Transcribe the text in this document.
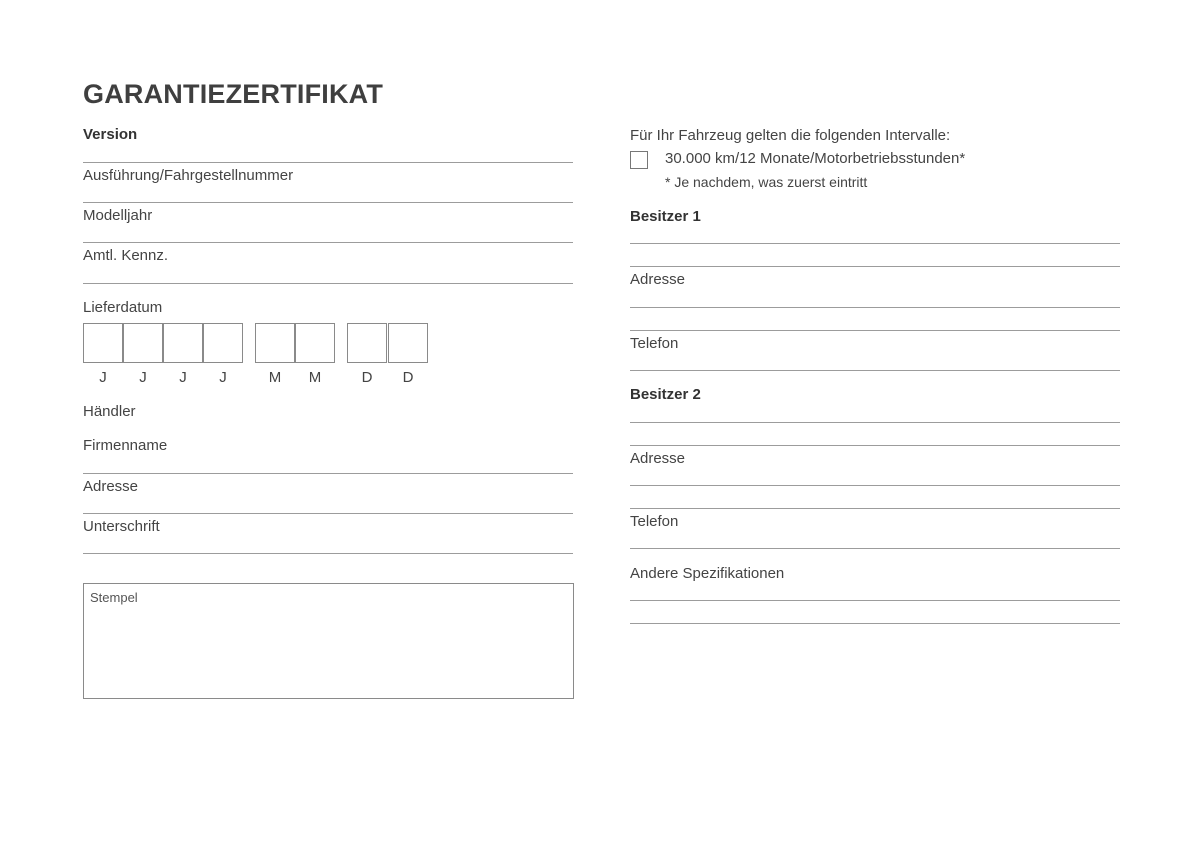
GARANTIEZERTIFIKAT
Version
Ausführung/Fahrgestellnummer
Modelljahr
Amtl. Kennz.
Lieferdatum
J	J	J	J	M	M	D	D
Händler
Firmenname
Adresse
Unterschrift
Stempel
Für Ihr Fahrzeug gelten die folgenden Intervalle:
30.000 km/12 Monate/Motorbetriebsstunden*
* Je nachdem, was zuerst eintritt
Besitzer 1
Adresse
Telefon
Besitzer 2
Adresse
Telefon
Andere Spezifikationen
